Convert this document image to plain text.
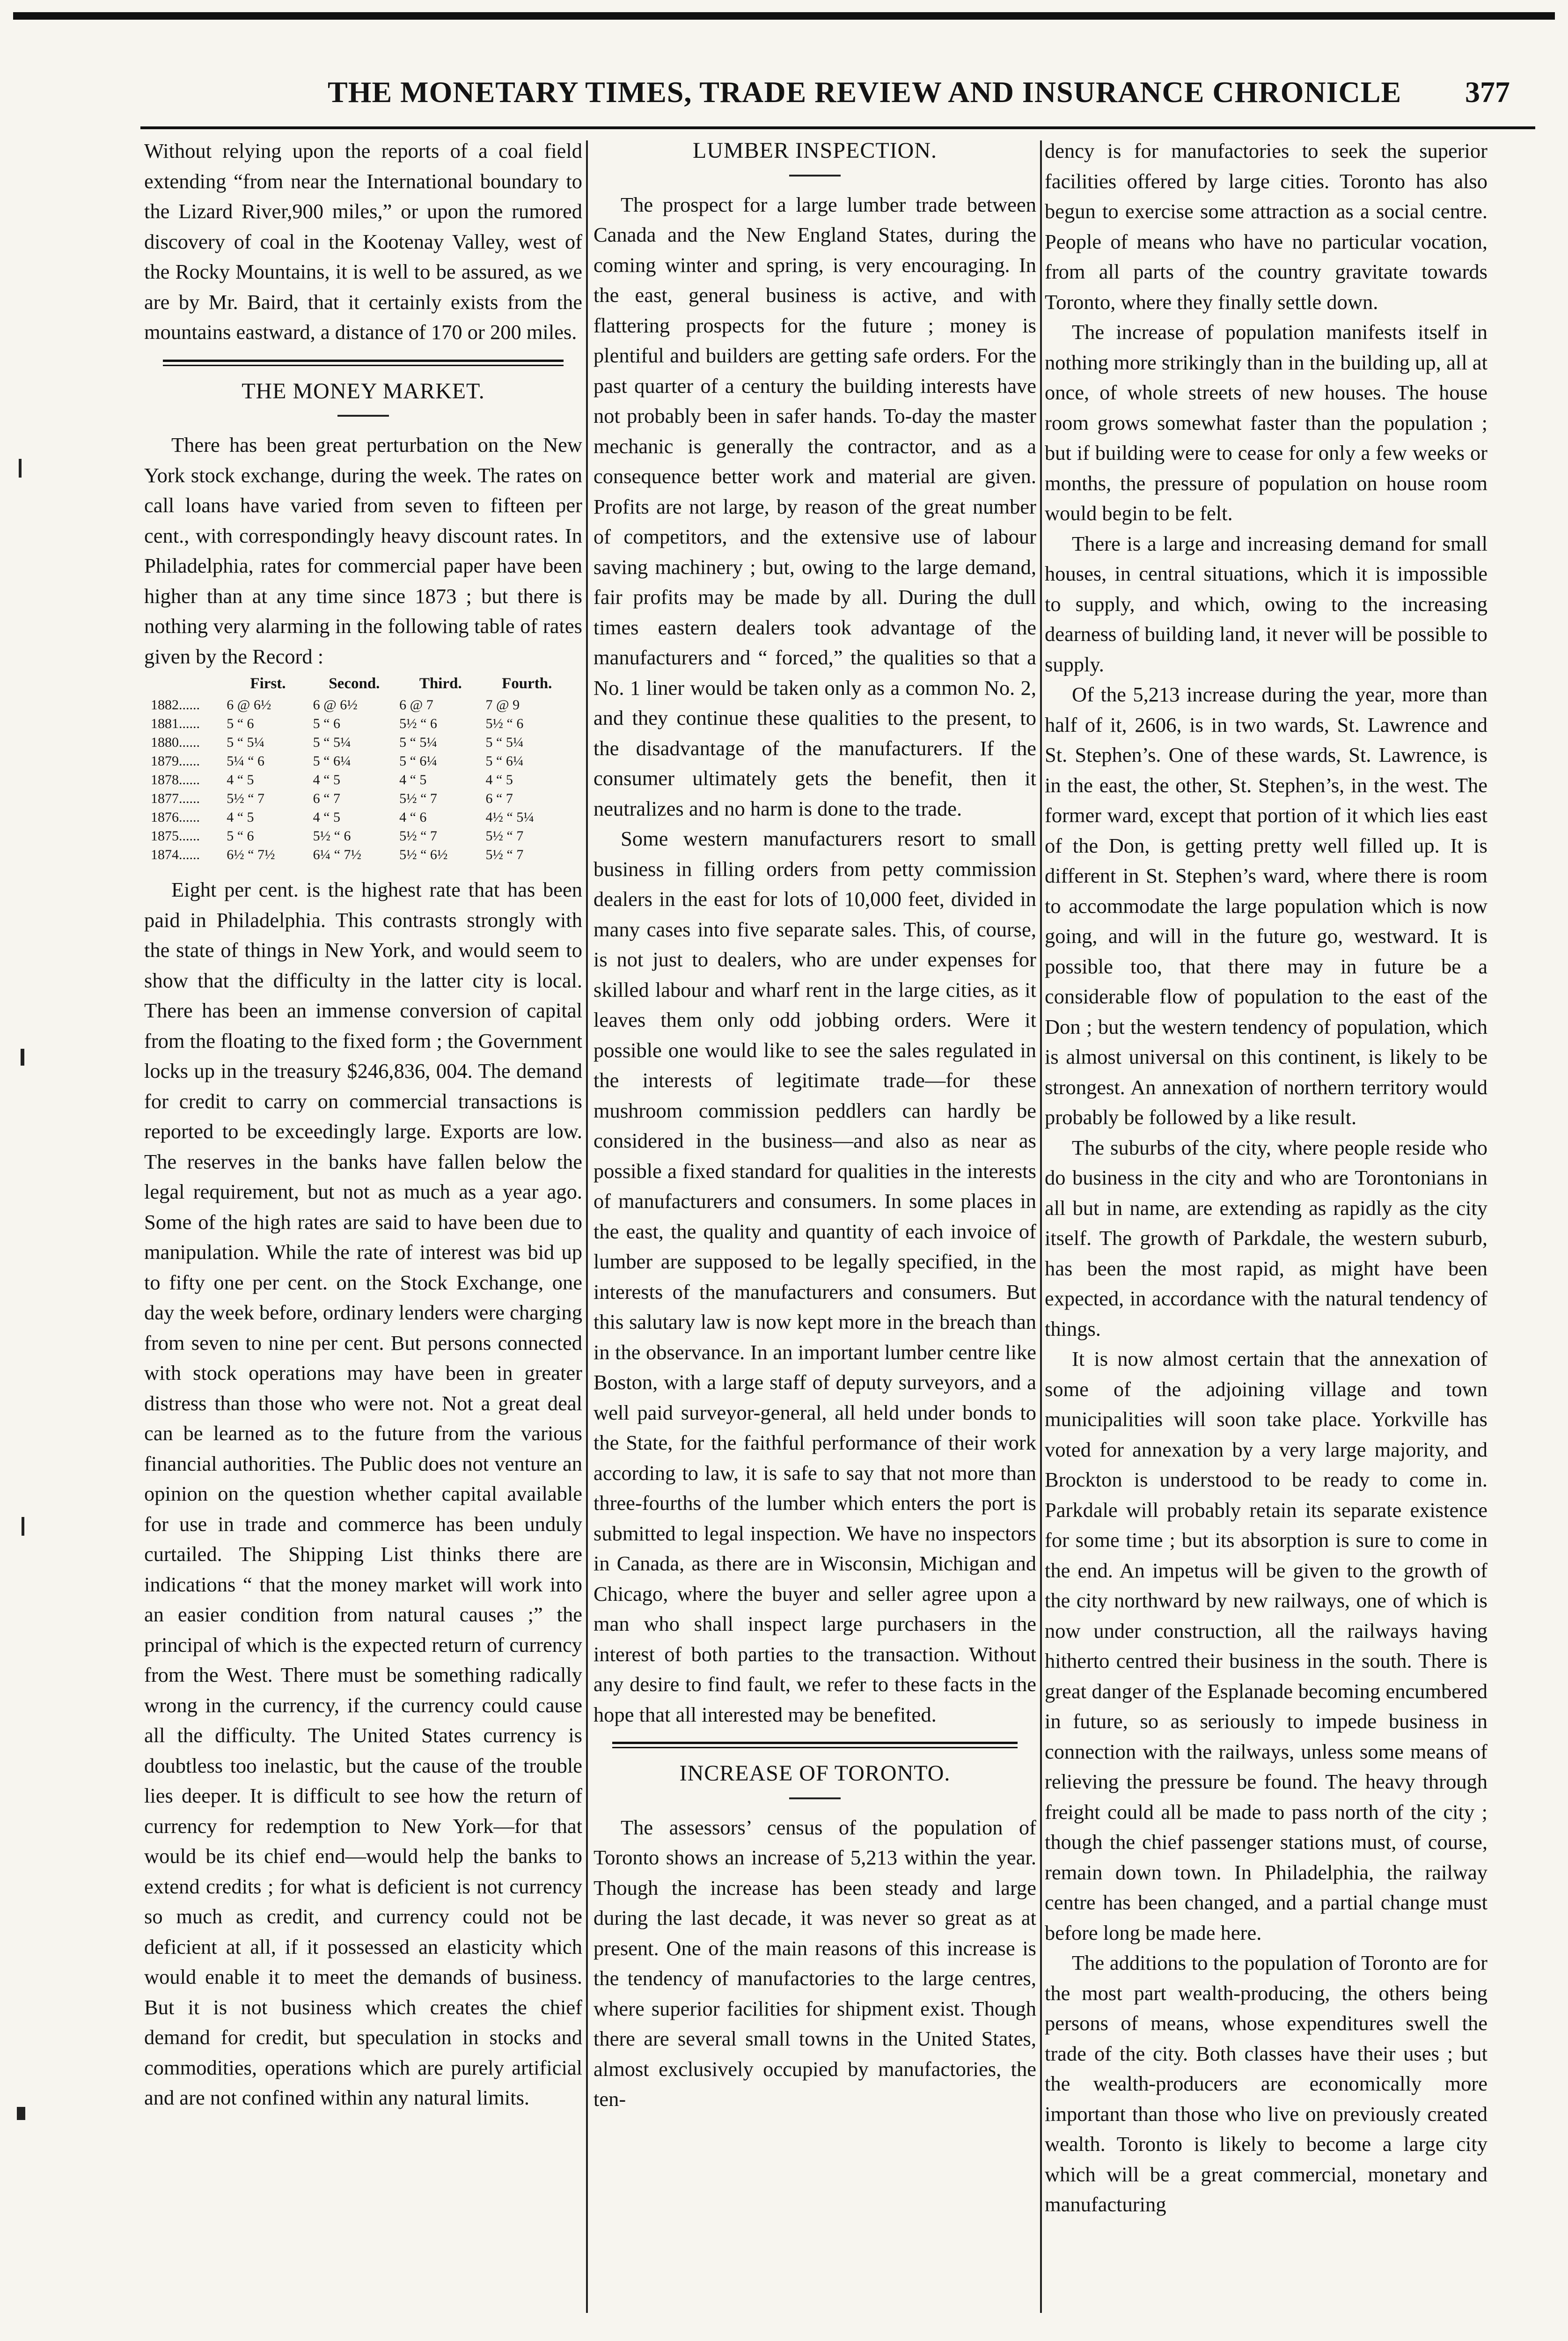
THE MONETARY TIMES, TRADE REVIEW AND INSURANCE CHRONICLE 377

Without relying upon the reports of a coal field extending “from near the International boundary to the Lizard River,900 miles,” or upon the rumored discovery of coal in the Kootenay Valley, west of the Rocky Mountains, it is well to be assured, as we are by Mr. Baird, that it certainly exists from the mountains eastward, a distance of 170 or 200 miles.

THE MONEY MARKET.

There has been great perturbation on the New York stock exchange, during the week. The rates on call loans have varied from seven to fifteen per cent., with correspondingly heavy discount rates. In Philadelphia, rates for commercial paper have been higher than at any time since 1873 ; but there is nothing very alarming in the following table of rates given by the Record :

	First.	Second.	Third.	Fourth.
1882......	6 @ 6½	6 @ 6½	6 @ 7	7 @ 9
1881......	5 “ 6	5 “ 6	5½ “ 6	5½ “ 6
1880......	5 “ 5¼	5 “ 5¼	5 “ 5¼	5 “ 5¼
1879......	5¼ “ 6	5 “ 6¼	5 “ 6¼	5 “ 6¼
1878......	4 “ 5	4 “ 5	4 “ 5	4 “ 5
1877......	5½ “ 7	6 “ 7	5½ “ 7	6 “ 7
1876......	4 “ 5	4 “ 5	4 “ 6	4½ “ 5¼
1875......	5 “ 6	5½ “ 6	5½ “ 7	5½ “ 7
1874......	6½ “ 7½	6¼ “ 7½	5½ “ 6½	5½ “ 7

Eight per cent. is the highest rate that has been paid in Philadelphia. This contrasts strongly with the state of things in New York, and would seem to show that the difficulty in the latter city is local. There has been an immense conversion of capital from the floating to the fixed form ; the Government locks up in the treasury $246,836, 004. The demand for credit to carry on commercial transactions is reported to be exceedingly large. Exports are low. The reserves in the banks have fallen below the legal requirement, but not as much as a year ago. Some of the high rates are said to have been due to manipulation. While the rate of interest was bid up to fifty one per cent. on the Stock Exchange, one day the week before, ordinary lenders were charging from seven to nine per cent. But persons connected with stock operations may have been in greater distress than those who were not. Not a great deal can be learned as to the future from the various financial authorities. The Public does not venture an opinion on the question whether capital available for use in trade and commerce has been unduly curtailed. The Shipping List thinks there are indications “ that the money market will work into an easier condition from natural causes ;” the principal of which is the expected return of currency from the West. There must be something radically wrong in the currency, if the currency could cause all the difficulty. The United States currency is doubtless too inelastic, but the cause of the trouble lies deeper. It is difficult to see how the return of currency for redemption to New York—for that would be its chief end—would help the banks to extend credits ; for what is deficient is not currency so much as credit, and currency could not be deficient at all, if it possessed an elasticity which would enable it to meet the demands of business. But it is not business which creates the chief demand for credit, but speculation in stocks and commodities, operations which are purely artificial and are not confined within any natural limits.

LUMBER INSPECTION.

The prospect for a large lumber trade between Canada and the New England States, during the coming winter and spring, is very encouraging. In the east, general business is active, and with flattering prospects for the future ; money is plentiful and builders are getting safe orders. For the past quarter of a century the building interests have not probably been in safer hands. To-day the master mechanic is generally the contractor, and as a consequence better work and material are given. Profits are not large, by reason of the great number of competitors, and the extensive use of labour saving machinery ; but, owing to the large demand, fair profits may be made by all. During the dull times eastern dealers took advantage of the manufacturers and “ forced,” the qualities so that a No. 1 liner would be taken only as a common No. 2, and they continue these qualities to the present, to the disadvantage of the manufacturers. If the consumer ultimately gets the benefit, then it neutralizes and no harm is done to the trade.

Some western manufacturers resort to small business in filling orders from petty commission dealers in the east for lots of 10,000 feet, divided in many cases into five separate sales. This, of course, is not just to dealers, who are under expenses for skilled labour and wharf rent in the large cities, as it leaves them only odd jobbing orders. Were it possible one would like to see the sales regulated in the interests of legitimate trade—for these mushroom commission peddlers can hardly be considered in the business—and also as near as possible a fixed standard for qualities in the interests of manufacturers and consumers. In some places in the east, the quality and quantity of each invoice of lumber are supposed to be legally specified, in the interests of the manufacturers and consumers. But this salutary law is now kept more in the breach than in the observance. In an important lumber centre like Boston, with a large staff of deputy surveyors, and a well paid surveyor-general, all held under bonds to the State, for the faithful performance of their work according to law, it is safe to say that not more than three-fourths of the lumber which enters the port is submitted to legal inspection. We have no inspectors in Canada, as there are in Wisconsin, Michigan and Chicago, where the buyer and seller agree upon a man who shall inspect large purchasers in the interest of both parties to the transaction. Without any desire to find fault, we refer to these facts in the hope that all interested may be benefited.

INCREASE OF TORONTO.

The assessors’ census of the population of Toronto shows an increase of 5,213 within the year. Though the increase has been steady and large during the last decade, it was never so great as at present. One of the main reasons of this increase is the tendency of manufactories to the large centres, where superior facilities for shipment exist. Though there are several small towns in the United States, almost exclusively occupied by manufactories, the ten-

dency is for manufactories to seek the superior facilities offered by large cities. Toronto has also begun to exercise some attraction as a social centre. People of means who have no particular vocation, from all parts of the country gravitate towards Toronto, where they finally settle down.

The increase of population manifests itself in nothing more strikingly than in the building up, all at once, of whole streets of new houses. The house room grows somewhat faster than the population ; but if building were to cease for only a few weeks or months, the pressure of population on house room would begin to be felt.

There is a large and increasing demand for small houses, in central situations, which it is impossible to supply, and which, owing to the increasing dearness of building land, it never will be possible to supply.

Of the 5,213 increase during the year, more than half of it, 2606, is in two wards, St. Lawrence and St. Stephen’s. One of these wards, St. Lawrence, is in the east, the other, St. Stephen’s, in the west. The former ward, except that portion of it which lies east of the Don, is getting pretty well filled up. It is different in St. Stephen’s ward, where there is room to accommodate the large population which is now going, and will in the future go, westward. It is possible too, that there may in future be a considerable flow of population to the east of the Don ; but the western tendency of population, which is almost universal on this continent, is likely to be strongest. An annexation of northern territory would probably be followed by a like result.

The suburbs of the city, where people reside who do business in the city and who are Torontonians in all but in name, are extending as rapidly as the city itself. The growth of Parkdale, the western suburb, has been the most rapid, as might have been expected, in accordance with the natural tendency of things.

It is now almost certain that the annexation of some of the adjoining village and town municipalities will soon take place. Yorkville has voted for annexation by a very large majority, and Brockton is understood to be ready to come in. Parkdale will probably retain its separate existence for some time ; but its absorption is sure to come in the end. An impetus will be given to the growth of the city northward by new railways, one of which is now under construction, all the railways having hitherto centred their business in the south. There is great danger of the Esplanade becoming encumbered in future, so as seriously to impede business in connection with the railways, unless some means of relieving the pressure be found. The heavy through freight could all be made to pass north of the city ; though the chief passenger stations must, of course, remain down town. In Philadelphia, the railway centre has been changed, and a partial change must before long be made here.

The additions to the population of Toronto are for the most part wealth-producing, the others being persons of means, whose expenditures swell the trade of the city. Both classes have their uses ; but the wealth-producers are economically more important than those who live on previously created wealth. Toronto is likely to become a large city which will be a great commercial, monetary and manufacturing
